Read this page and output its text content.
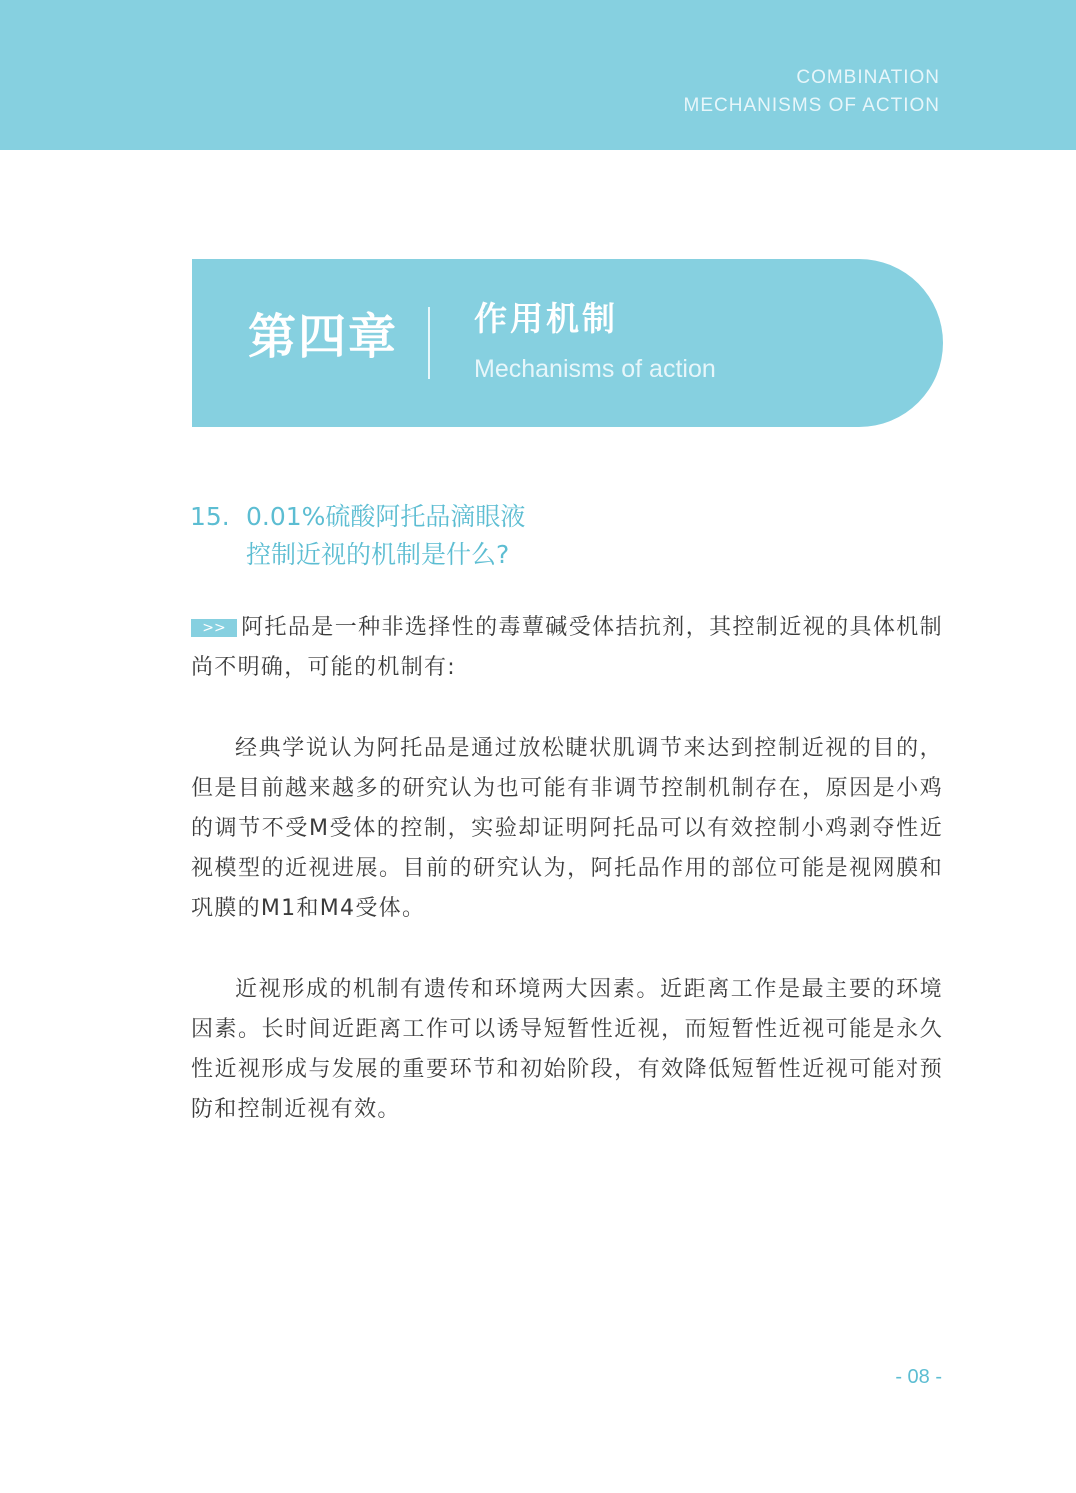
COMBINATION
MECHANISMS OF ACTION
第四章 作用机制
Mechanisms of action
15. 0.01%硫酸阿托品滴眼液
控制近视的机制是什么?

>> 阿托品是一种非选择性的毒蕈碱受体拮抗剂，其控制近视的具体机制尚不明确，可能的机制有:

经典学说认为阿托品是通过放松睫状肌调节来达到控制近视的目的，但是目前越来越多的研究认为也可能有非调节控制机制存在，原因是小鸡的调节不受M受体的控制，实验却证明阿托品可以有效控制小鸡剥夺性近视模型的近视进展。目前的研究认为，阿托品作用的部位可能是视网膜和巩膜的M1和M4受体。

近视形成的机制有遗传和环境两大因素。近距离工作是最主要的环境因素。长时间近距离工作可以诱导短暂性近视，而短暂性近视可能是永久性近视形成与发展的重要环节和初始阶段，有效降低短暂性近视可能对预防和控制近视有效。

- 08 -
